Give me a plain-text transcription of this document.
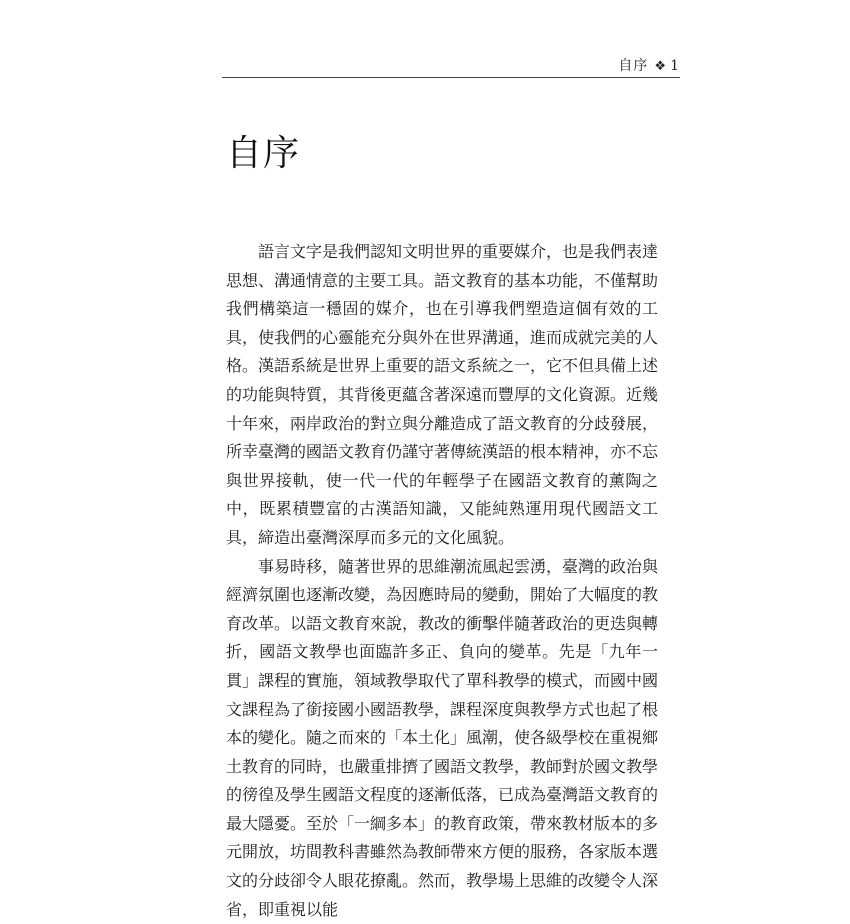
自序 ❖ 1
自序

語言文字是我們認知文明世界的重要媒介，也是我們表達思想、溝通情意的主要工具。語文教育的基本功能，不僅幫助我們構築這一穩固的媒介，也在引導我們塑造這個有效的工具，使我們的心靈能充分與外在世界溝通，進而成就完美的人格。漢語系統是世界上重要的語文系統之一，它不但具備上述的功能與特質，其背後更蘊含著深遠而豐厚的文化資源。近幾十年來，兩岸政治的對立與分離造成了語文教育的分歧發展，所幸臺灣的國語文教育仍謹守著傳統漢語的根本精神，亦不忘與世界接軌，使一代一代的年輕學子在國語文教育的薰陶之中，既累積豐富的古漢語知識，又能純熟運用現代國語文工具，締造出臺灣深厚而多元的文化風貌。

事易時移，隨著世界的思維潮流風起雲湧，臺灣的政治與經濟氛圍也逐漸改變，為因應時局的變動，開始了大幅度的教育改革。以語文教育來說，教改的衝擊伴隨著政治的更迭與轉折，國語文教學也面臨許多正、負向的變革。先是「九年一貫」課程的實施，領域教學取代了單科教學的模式，而國中國文課程為了銜接國小國語教學，課程深度與教學方式也起了根本的變化。隨之而來的「本土化」風潮，使各級學校在重視鄉土教育的同時，也嚴重排擠了國語文教學，教師對於國文教學的徬徨及學生國語文程度的逐漸低落，已成為臺灣語文教育的最大隱憂。至於「一綱多本」的教育政策，帶來教材版本的多元開放，坊間教科書雖然為教師帶來方便的服務，各家版本選文的分歧卻令人眼花撩亂。然而，教學場上思維的改變令人深省，即重視以能
